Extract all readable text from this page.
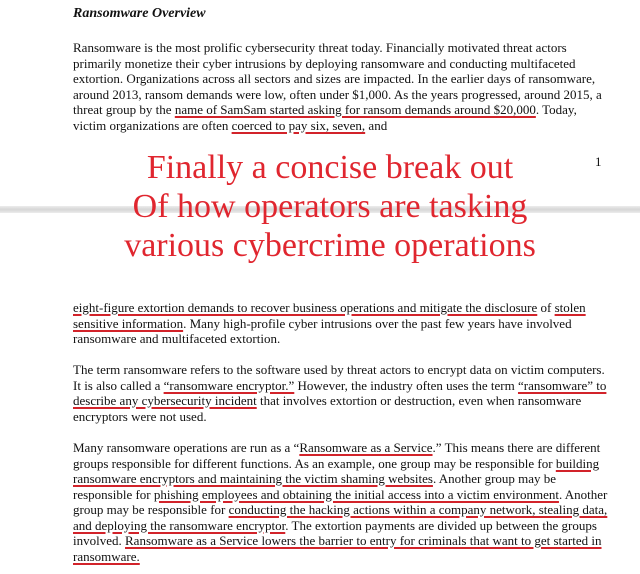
Ransomware Overview
Ransomware is the most prolific cybersecurity threat today. Financially motivated threat actors primarily monetize their cyber intrusions by deploying ransomware and conducting multifaceted extortion. Organizations across all sectors and sizes are impacted. In the earlier days of ransomware, around 2013, ransom demands were low, often under $1,000. As the years progressed, around 2015, a threat group by the name of SamSam started asking for ransom demands around $20,000. Today, victim organizations are often coerced to pay six, seven, and
1
Finally a concise break out
Of how operators are tasking
various cybercrime operations
eight-figure extortion demands to recover business operations and mitigate the disclosure of stolen sensitive information. Many high-profile cyber intrusions over the past few years have involved ransomware and multifaceted extortion.
The term ransomware refers to the software used by threat actors to encrypt data on victim computers. It is also called a “ransomware encryptor.” However, the industry often uses the term “ransomware” to describe any cybersecurity incident that involves extortion or destruction, even when ransomware encryptors were not used.
Many ransomware operations are run as a “Ransomware as a Service.” This means there are different groups responsible for different functions. As an example, one group may be responsible for building ransomware encryptors and maintaining the victim shaming websites. Another group may be responsible for phishing employees and obtaining the initial access into a victim environment. Another group may be responsible for conducting the hacking actions within a company network, stealing data, and deploying the ransomware encryptor. The extortion payments are divided up between the groups involved. Ransomware as a Service lowers the barrier to entry for criminals that want to get started in ransomware.
